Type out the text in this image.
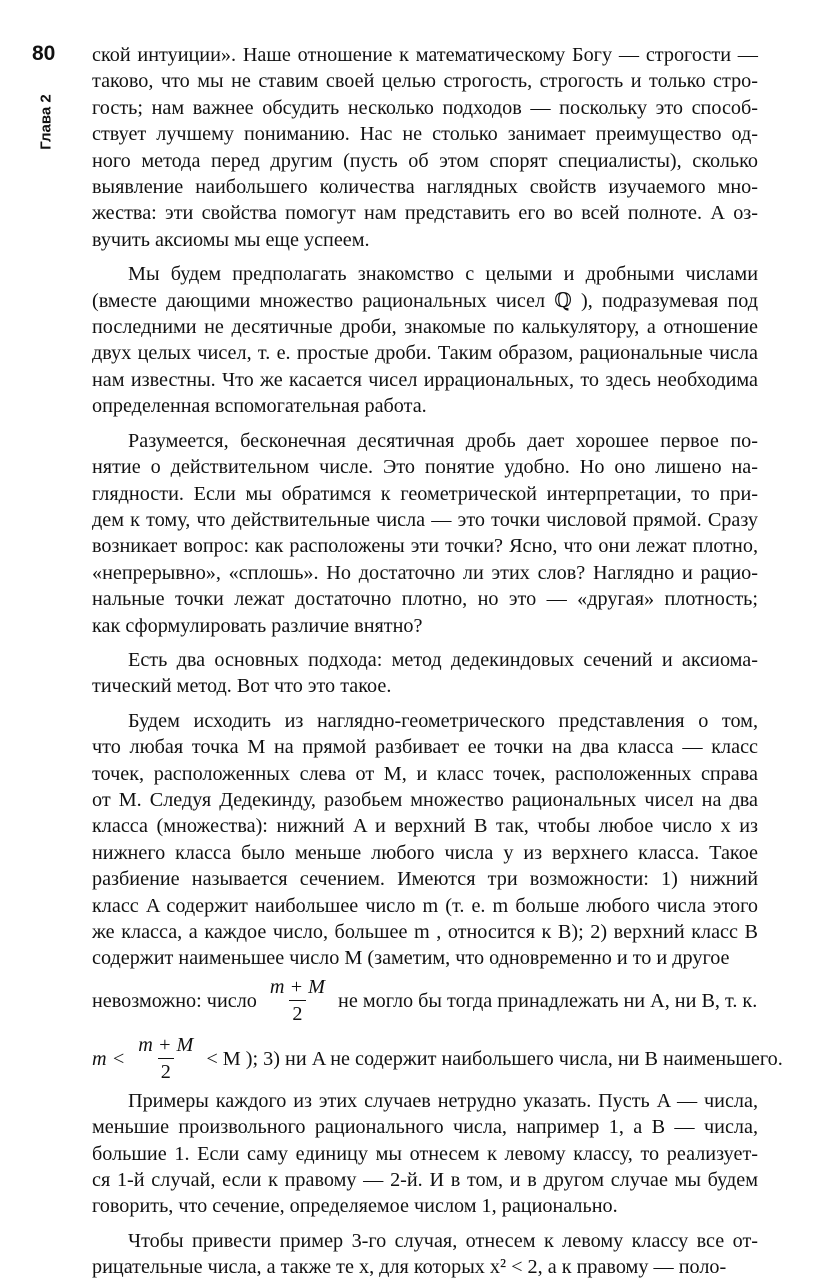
80
Глава 2
ской интуиции». Наше отношение к математическому Богу — строгости —
таково, что мы не ставим своей целью строгость, строгость и только стро-
гость; нам важнее обсудить несколько подходов — поскольку это способ-
ствует лучшему пониманию. Нас не столько занимает преимущество од-
ного метода перед другим (пусть об этом спорят специалисты), сколько
выявление наибольшего количества наглядных свойств изучаемого мно-
жества: эти свойства помогут нам представить его во всей полноте. А оз-
вучить аксиомы мы еще успеем.
Мы будем предполагать знакомство с целыми и дробными числами
(вместе дающими множество рациональных чисел ℚ ), подразумевая под
последними не десятичные дроби, знакомые по калькулятору, а отношение
двух целых чисел, т. е. простые дроби. Таким образом, рациональные числа
нам известны. Что же касается чисел иррациональных, то здесь необходима
определенная вспомогательная работа.
Разумеется, бесконечная десятичная дробь дает хорошее первое по-
нятие о действительном числе. Это понятие удобно. Но оно лишено на-
глядности. Если мы обратимся к геометрической интерпретации, то при-
дем к тому, что действительные числа — это точки числовой прямой. Сразу
возникает вопрос: как расположены эти точки? Ясно, что они лежат плотно,
«непрерывно», «сплошь». Но достаточно ли этих слов? Наглядно и рацио-
нальные точки лежат достаточно плотно, но это — «другая» плотность;
как сформулировать различие внятно?
Есть два основных подхода: метод дедекиндовых сечений и аксиома-
тический метод. Вот что это такое.
Будем исходить из наглядно-геометрического представления о том,
что любая точка M на прямой разбивает ее точки на два класса — класс
точек, расположенных слева от M, и класс точек, расположенных справа
от M. Следуя Дедекинду, разобьем множество рациональных чисел на два
класса (множества): нижний A и верхний B так, чтобы любое число x из
нижнего класса было меньше любого числа y из верхнего класса. Такое
разбиение называется сечением. Имеются три возможности: 1) нижний
класс A содержит наибольшее число m (т. е. m больше любого числа этого
же класса, а каждое число, большее m , относится к B); 2) верхний класс B
содержит наименьшее число M (заметим, что одновременно и то и другое
невозможно: число $\frac{m + M}{2}$ не могло бы тогда принадлежать ни A, ни B, т. к.
$m < \frac{m + M}{2} < M$ ); 3) ни A не содержит наибольшего числа, ни B наименьшего.
Примеры каждого из этих случаев нетрудно указать. Пусть A — числа,
меньшие произвольного рационального числа, например 1, а B — числа,
большие 1. Если саму единицу мы отнесем к левому классу, то реализует-
ся 1-й случай, если к правому — 2-й. И в том, и в другом случае мы будем
говорить, что сечение, определяемое числом 1, рационально.
Чтобы привести пример 3-го случая, отнесем к левому классу все от-
рицательные числа, а также те x, для которых x² < 2, а к правому — поло-
